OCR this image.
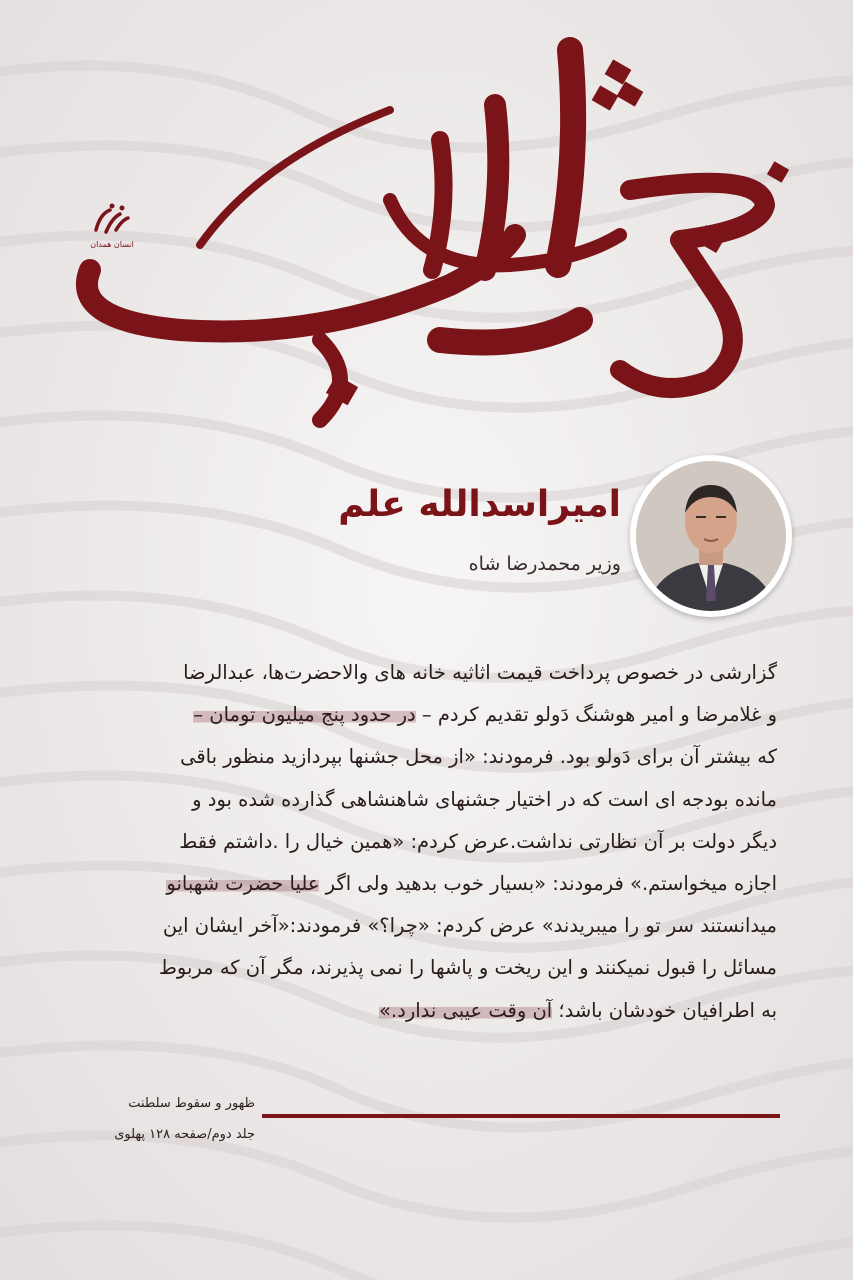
انسان همدان
امیراسدالله علم
وزیر محمدرضا شاه
گزارشی در خصوص پرداخت قیمت اثاثیه خانه های والاحضرت‌ها، عبدالرضا
و غلامرضا و امیر هوشنگ دَولو تقدیم کردم – در حدود پنج میلیون تومان –
که بیشتر آن برای دَولو بود. فرمودند: «از محل جشنها بپردازید منظور باقی
مانده بودجه ای است که در اختیار جشنهای شاهنشاهی گذارده شده بود و
دیگر دولت بر آن نظارتی نداشت.عرض کردم: «همین خیال را .داشتم فقط
اجازه میخواستم.» فرمودند: «بسیار خوب بدهید ولی اگر علیا حضرت شهبانو
میدانستند سر تو را میبریدند» عرض کردم: «چرا؟» فرمودند:«آخر ایشان این
مسائل را قبول نمیکنند و این ریخت و پاشها را نمی پذیرند، مگر آن که مربوط
به اطرافیان خودشان باشد؛ آن وقت عیبی ندارد.»
ظهور و سقوط سلطنت
جلد دوم/صفحه ۱۲۸ پهلوی
